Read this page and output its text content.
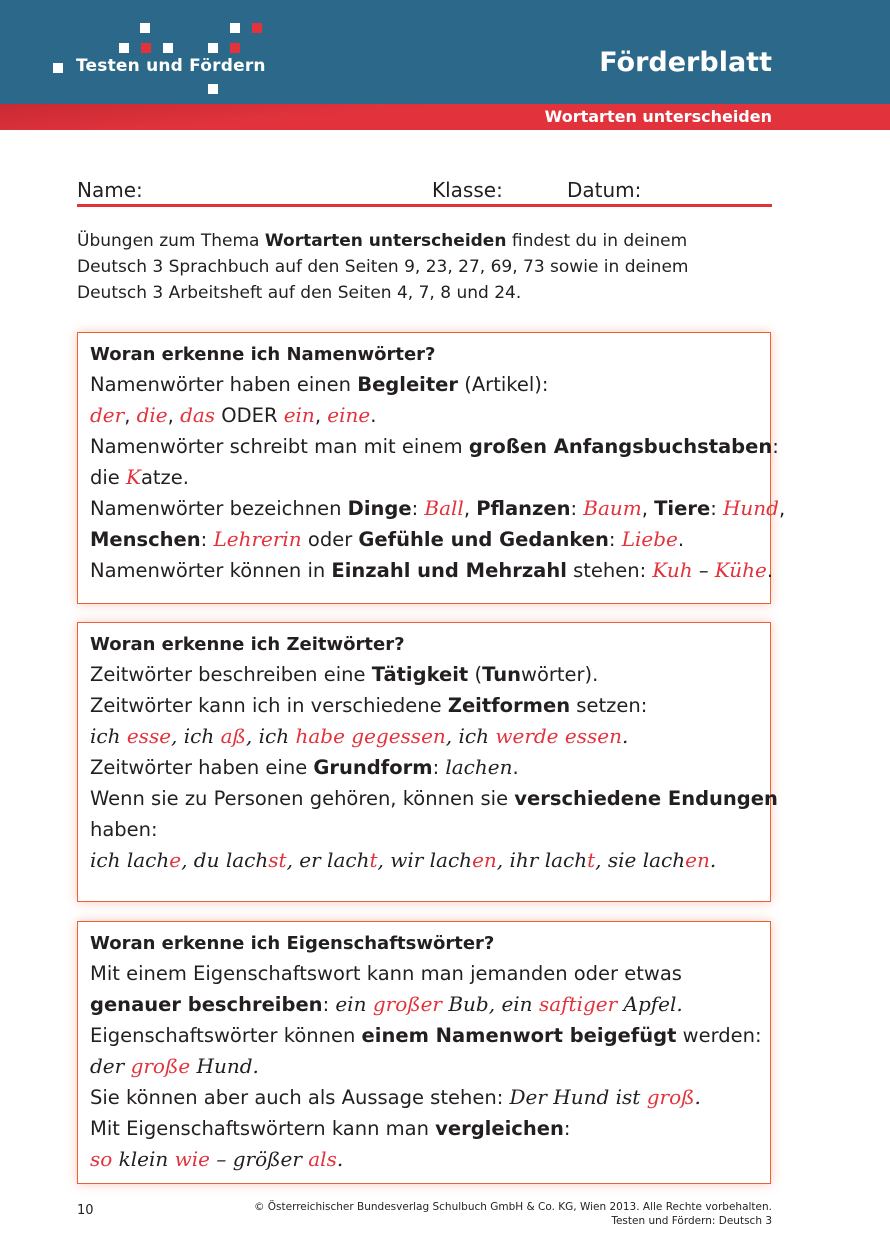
Testen und Fördern	Förderblatt
Wortarten unterscheiden
Name:	Klasse:	Datum:
Übungen zum Thema Wortarten unterscheiden findest du in deinem
Deutsch 3 Sprachbuch auf den Seiten 9, 23, 27, 69, 73 sowie in deinem
Deutsch 3 Arbeitsheft auf den Seiten 4, 7, 8 und 24.
Woran erkenne ich Namenwörter?
Namenwörter haben einen Begleiter (Artikel):
der, die, das ODER ein, eine.
Namenwörter schreibt man mit einem großen Anfangsbuchstaben:
die Katze.
Namenwörter bezeichnen Dinge: Ball, Pflanzen: Baum, Tiere: Hund,
Menschen: Lehrerin oder Gefühle und Gedanken: Liebe.
Namenwörter können in Einzahl und Mehrzahl stehen: Kuh – Kühe.
Woran erkenne ich Zeitwörter?
Zeitwörter beschreiben eine Tätigkeit (Tunwörter).
Zeitwörter kann ich in verschiedene Zeitformen setzen:
ich esse, ich aß, ich habe gegessen, ich werde essen.
Zeitwörter haben eine Grundform: lachen.
Wenn sie zu Personen gehören, können sie verschiedene Endungen
haben:
ich lache, du lachst, er lacht, wir lachen, ihr lacht, sie lachen.
Woran erkenne ich Eigenschaftswörter?
Mit einem Eigenschaftswort kann man jemanden oder etwas
genauer beschreiben: ein großer Bub, ein saftiger Apfel.
Eigenschaftswörter können einem Namenwort beigefügt werden:
der große Hund.
Sie können aber auch als Aussage stehen: Der Hund ist groß.
Mit Eigenschaftswörtern kann man vergleichen:
so klein wie – größer als.
10	© Österreichischer Bundesverlag Schulbuch GmbH & Co. KG, Wien 2013. Alle Rechte vorbehalten.
Testen und Fördern: Deutsch 3
